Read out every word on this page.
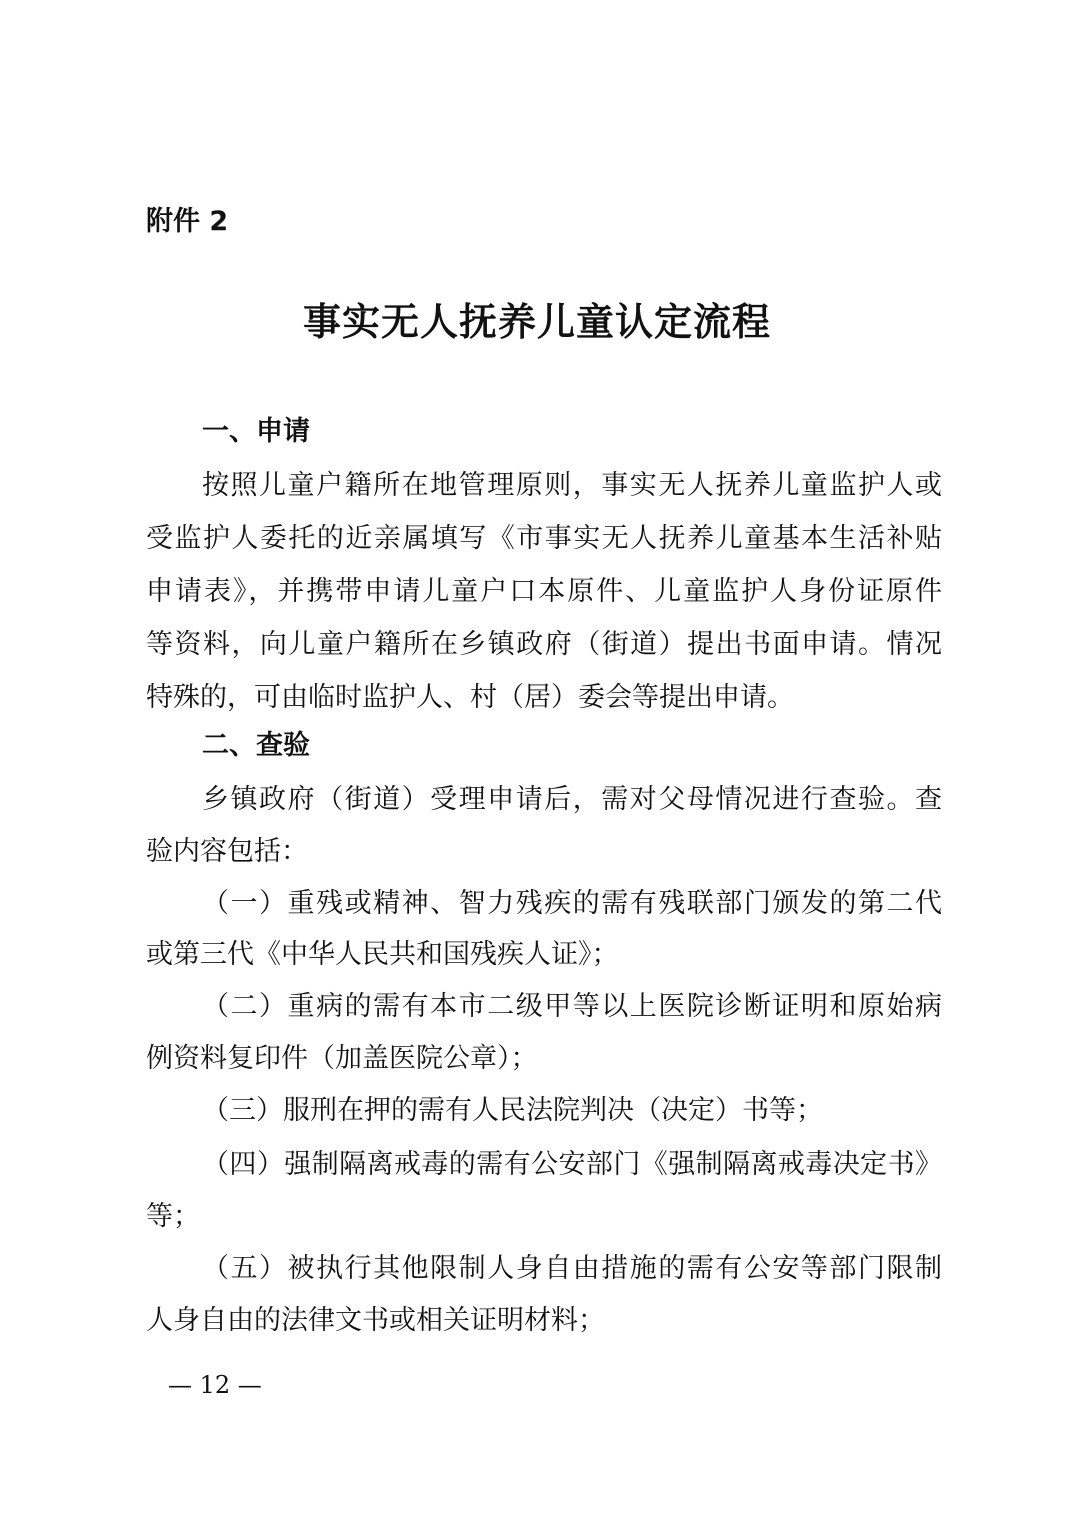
附件 2
事实无人抚养儿童认定流程
一、申请
按照儿童户籍所在地管理原则，事实无人抚养儿童监护人或
受监护人委托的近亲属填写《市事实无人抚养儿童基本生活补贴
申请表》，并携带申请儿童户口本原件、儿童监护人身份证原件
等资料，向儿童户籍所在乡镇政府（街道）提出书面申请。情况
特殊的，可由临时监护人、村（居）委会等提出申请。
二、查验
乡镇政府（街道）受理申请后，需对父母情况进行查验。查
验内容包括：
（一）重残或精神、智力残疾的需有残联部门颁发的第二代
或第三代《中华人民共和国残疾人证》；
（二）重病的需有本市二级甲等以上医院诊断证明和原始病
例资料复印件（加盖医院公章）；
（三）服刑在押的需有人民法院判决（决定）书等；
（四）强制隔离戒毒的需有公安部门《强制隔离戒毒决定书》
等；
（五）被执行其他限制人身自由措施的需有公安等部门限制
人身自由的法律文书或相关证明材料；
— 12 —
